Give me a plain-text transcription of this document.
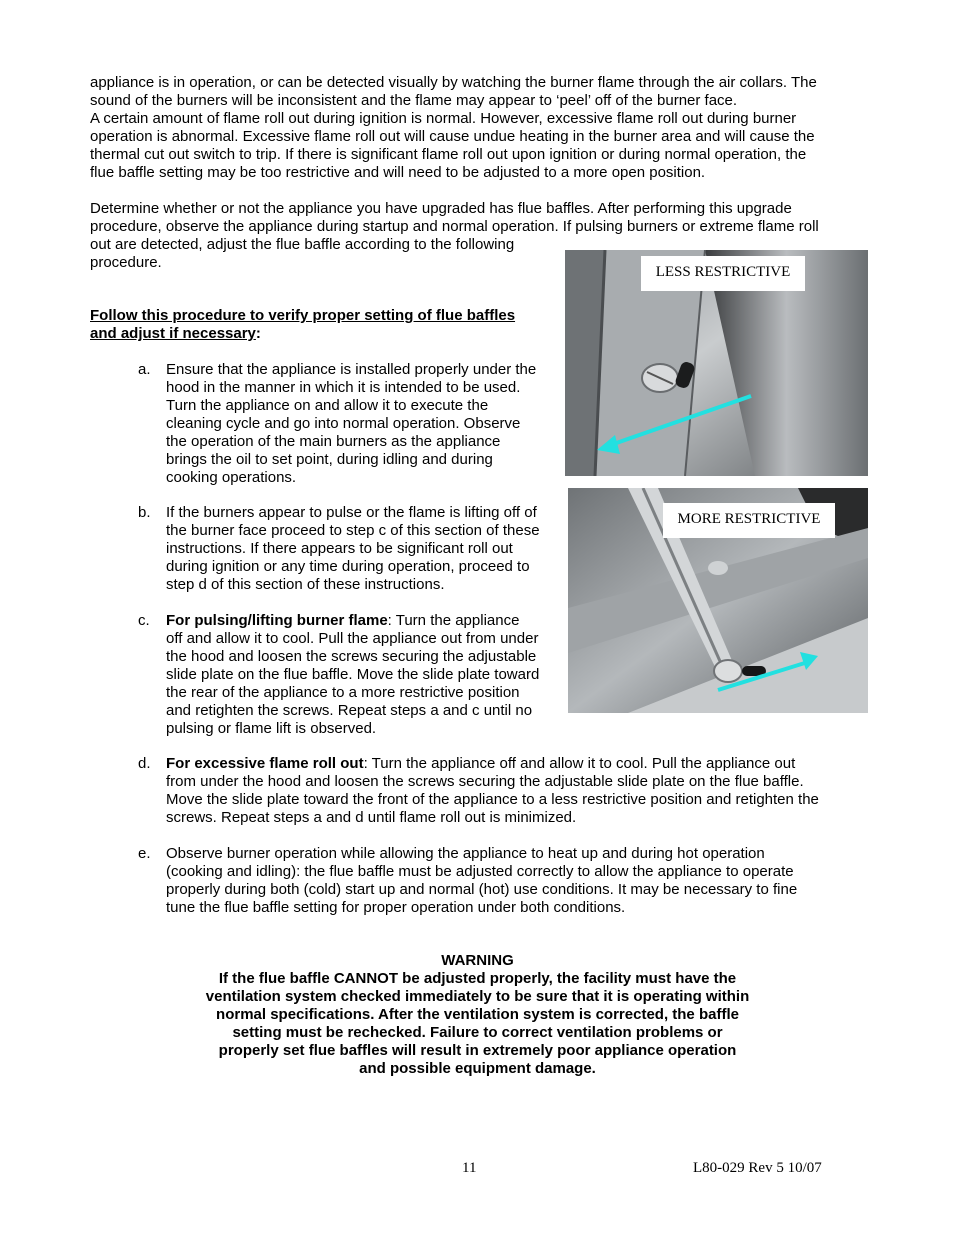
appliance is in operation, or can be detected visually by watching the burner flame through the air collars. The
sound of the burners will be inconsistent and the flame may appear to ‘peel’ off of the burner face.
A certain amount of flame roll out during ignition is normal. However, excessive flame roll out during burner
operation is abnormal. Excessive flame roll out will cause undue heating in the burner area and will cause the
thermal cut out switch to trip. If there is significant flame roll out upon ignition or during normal operation, the
flue baffle setting may be too restrictive and will need to be adjusted to a more open position.
Determine whether or not the appliance you have upgraded has flue baffles. After performing this upgrade
procedure, observe the appliance during startup and normal operation. If pulsing burners or extreme flame roll
out are detected, adjust the flue baffle according to the following
procedure.
Follow this procedure to verify proper setting of flue baffles
and adjust if necessary:
a. Ensure that the appliance is installed properly under the
hood in the manner in which it is intended to be used.
Turn the appliance on and allow it to execute the
cleaning cycle and go into normal operation. Observe
the operation of the main burners as the appliance
brings the oil to set point, during idling and during
cooking operations.
b. If the burners appear to pulse or the flame is lifting off of
the burner face proceed to step c of this section of these
instructions. If there appears to be significant roll out
during ignition or any time during operation, proceed to
step d of this section of these instructions.
c. For pulsing/lifting burner flame: Turn the appliance
off and allow it to cool. Pull the appliance out from under
the hood and loosen the screws securing the adjustable
slide plate on the flue baffle. Move the slide plate toward
the rear of the appliance to a more restrictive position
and retighten the screws. Repeat steps a and c until no
pulsing or flame lift is observed.
d. For excessive flame roll out: Turn the appliance off and allow it to cool. Pull the appliance out
from under the hood and loosen the screws securing the adjustable slide plate on the flue baffle.
Move the slide plate toward the front of the appliance to a less restrictive position and retighten the
screws. Repeat steps a and d until flame roll out is minimized.
e. Observe burner operation while allowing the appliance to heat up and during hot operation
(cooking and idling): the flue baffle must be adjusted correctly to allow the appliance to operate
properly during both (cold) start up and normal (hot) use conditions. It may be necessary to fine
tune the flue baffle setting for proper operation under both conditions.
LESS RESTRICTIVE
MORE RESTRICTIVE
WARNING
If the flue baffle CANNOT be adjusted properly, the facility must have the
ventilation system checked immediately to be sure that it is operating within
normal specifications. After the ventilation system is corrected, the baffle
setting must be rechecked. Failure to correct ventilation problems or
properly set flue baffles will result in extremely poor appliance operation
and possible equipment damage.
11	L80-029 Rev 5 10/07
